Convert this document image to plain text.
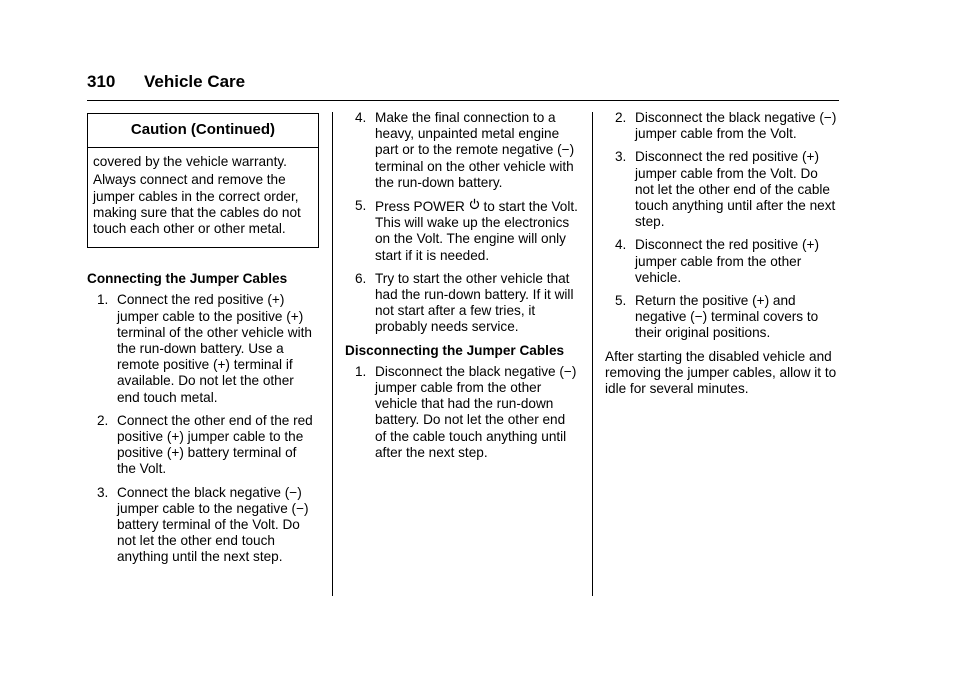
310 Vehicle Care
Caution (Continued)

covered by the vehicle warranty.

Always connect and remove the jumper cables in the correct order, making sure that the cables do not touch each other or other metal.

Connecting the Jumper Cables
1. Connect the red positive (+) jumper cable to the positive (+) terminal of the other vehicle with the run-down battery. Use a remote positive (+) terminal if available. Do not let the other end touch metal.
2. Connect the other end of the red positive (+) jumper cable to the positive (+) battery terminal of the Volt.
3. Connect the black negative (−) jumper cable to the negative (−) battery terminal of the Volt. Do not let the other end touch anything until the next step.
4. Make the final connection to a heavy, unpainted metal engine part or to the remote negative (−) terminal on the other vehicle with the run-down battery.
5. Press POWER to start the Volt. This will wake up the electronics on the Volt. The engine will only start if it is needed.
6. Try to start the other vehicle that had the run-down battery. If it will not start after a few tries, it probably needs service.
Disconnecting the Jumper Cables
1. Disconnect the black negative (−) jumper cable from the other vehicle that had the run-down battery. Do not let the other end of the cable touch anything until after the next step.
2. Disconnect the black negative (−) jumper cable from the Volt.
3. Disconnect the red positive (+) jumper cable from the Volt. Do not let the other end of the cable touch anything until after the next step.
4. Disconnect the red positive (+) jumper cable from the other vehicle.
5. Return the positive (+) and negative (−) terminal covers to their original positions.
After starting the disabled vehicle and removing the jumper cables, allow it to idle for several minutes.
